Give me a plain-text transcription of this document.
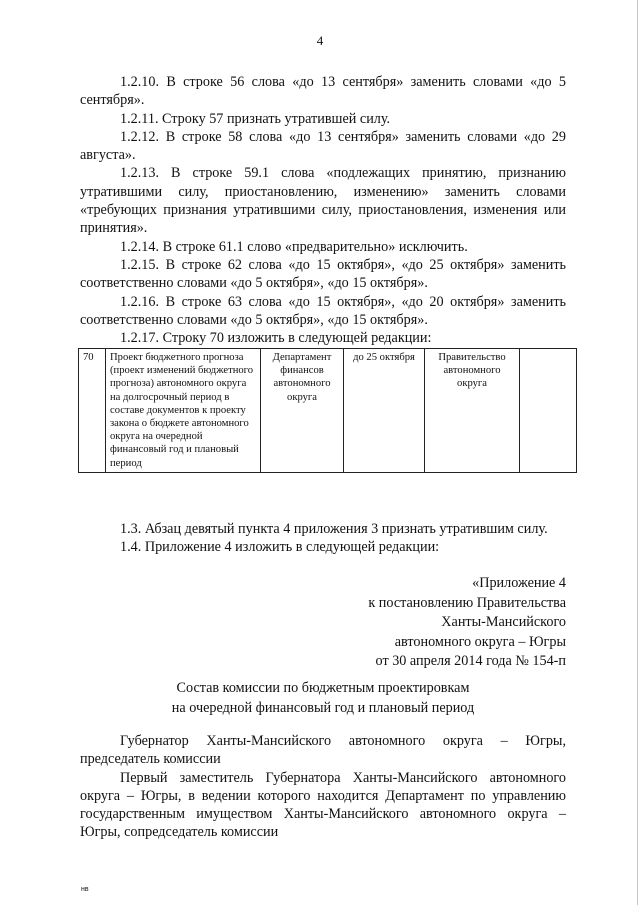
4

1.2.10. В строке 56 слова «до 13 сентября» заменить словами «до 5 сентября».

1.2.11. Строку 57 признать утратившей силу.

1.2.12. В строке 58 слова «до 13 сентября» заменить словами «до 29 августа».

1.2.13. В строке 59.1 слова «подлежащих принятию, признанию утратившими силу, приостановлению, изменению» заменить словами «требующих признания утратившими силу, приостановления, изменения или принятия».

1.2.14. В строке 61.1 слово «предварительно» исключить.

1.2.15. В строке 62 слова «до 15 октября», «до 25 октября» заменить соответственно словами «до 5 октября», «до 15 октября».

1.2.16. В строке 63 слова «до 15 октября», «до 20 октября» заменить соответственно словами «до 5 октября», «до 15 октября».

1.2.17. Строку 70 изложить в следующей редакции:

70	Проект бюджетного прогноза (проект изменений бюджетного прогноза) автономного округа на долгосрочный период в составе документов к проекту закона о бюджете автономного округа на очередной финансовый год и плановый период	Департамент финансов автономного округа	до 25 октября	Правительство автономного округа	

1.3. Абзац девятый пункта 4 приложения 3 признать утратившим силу.

1.4. Приложение 4 изложить в следующей редакции:

«Приложение 4
к постановлению Правительства
Ханты-Мансийского
автономного округа – Югры
от 30 апреля 2014 года № 154-п
Состав комиссии по бюджетным проектировкам
на очередной финансовый год и плановый период

Губернатор Ханты-Мансийского автономного округа – Югры, председатель комиссии

Первый заместитель Губернатора Ханты-Мансийского автономного округа – Югры, в ведении которого находится Департамент по управлению государственным имуществом Ханты-Мансийского автономного округа – Югры, сопредседатель комиссии

нв
